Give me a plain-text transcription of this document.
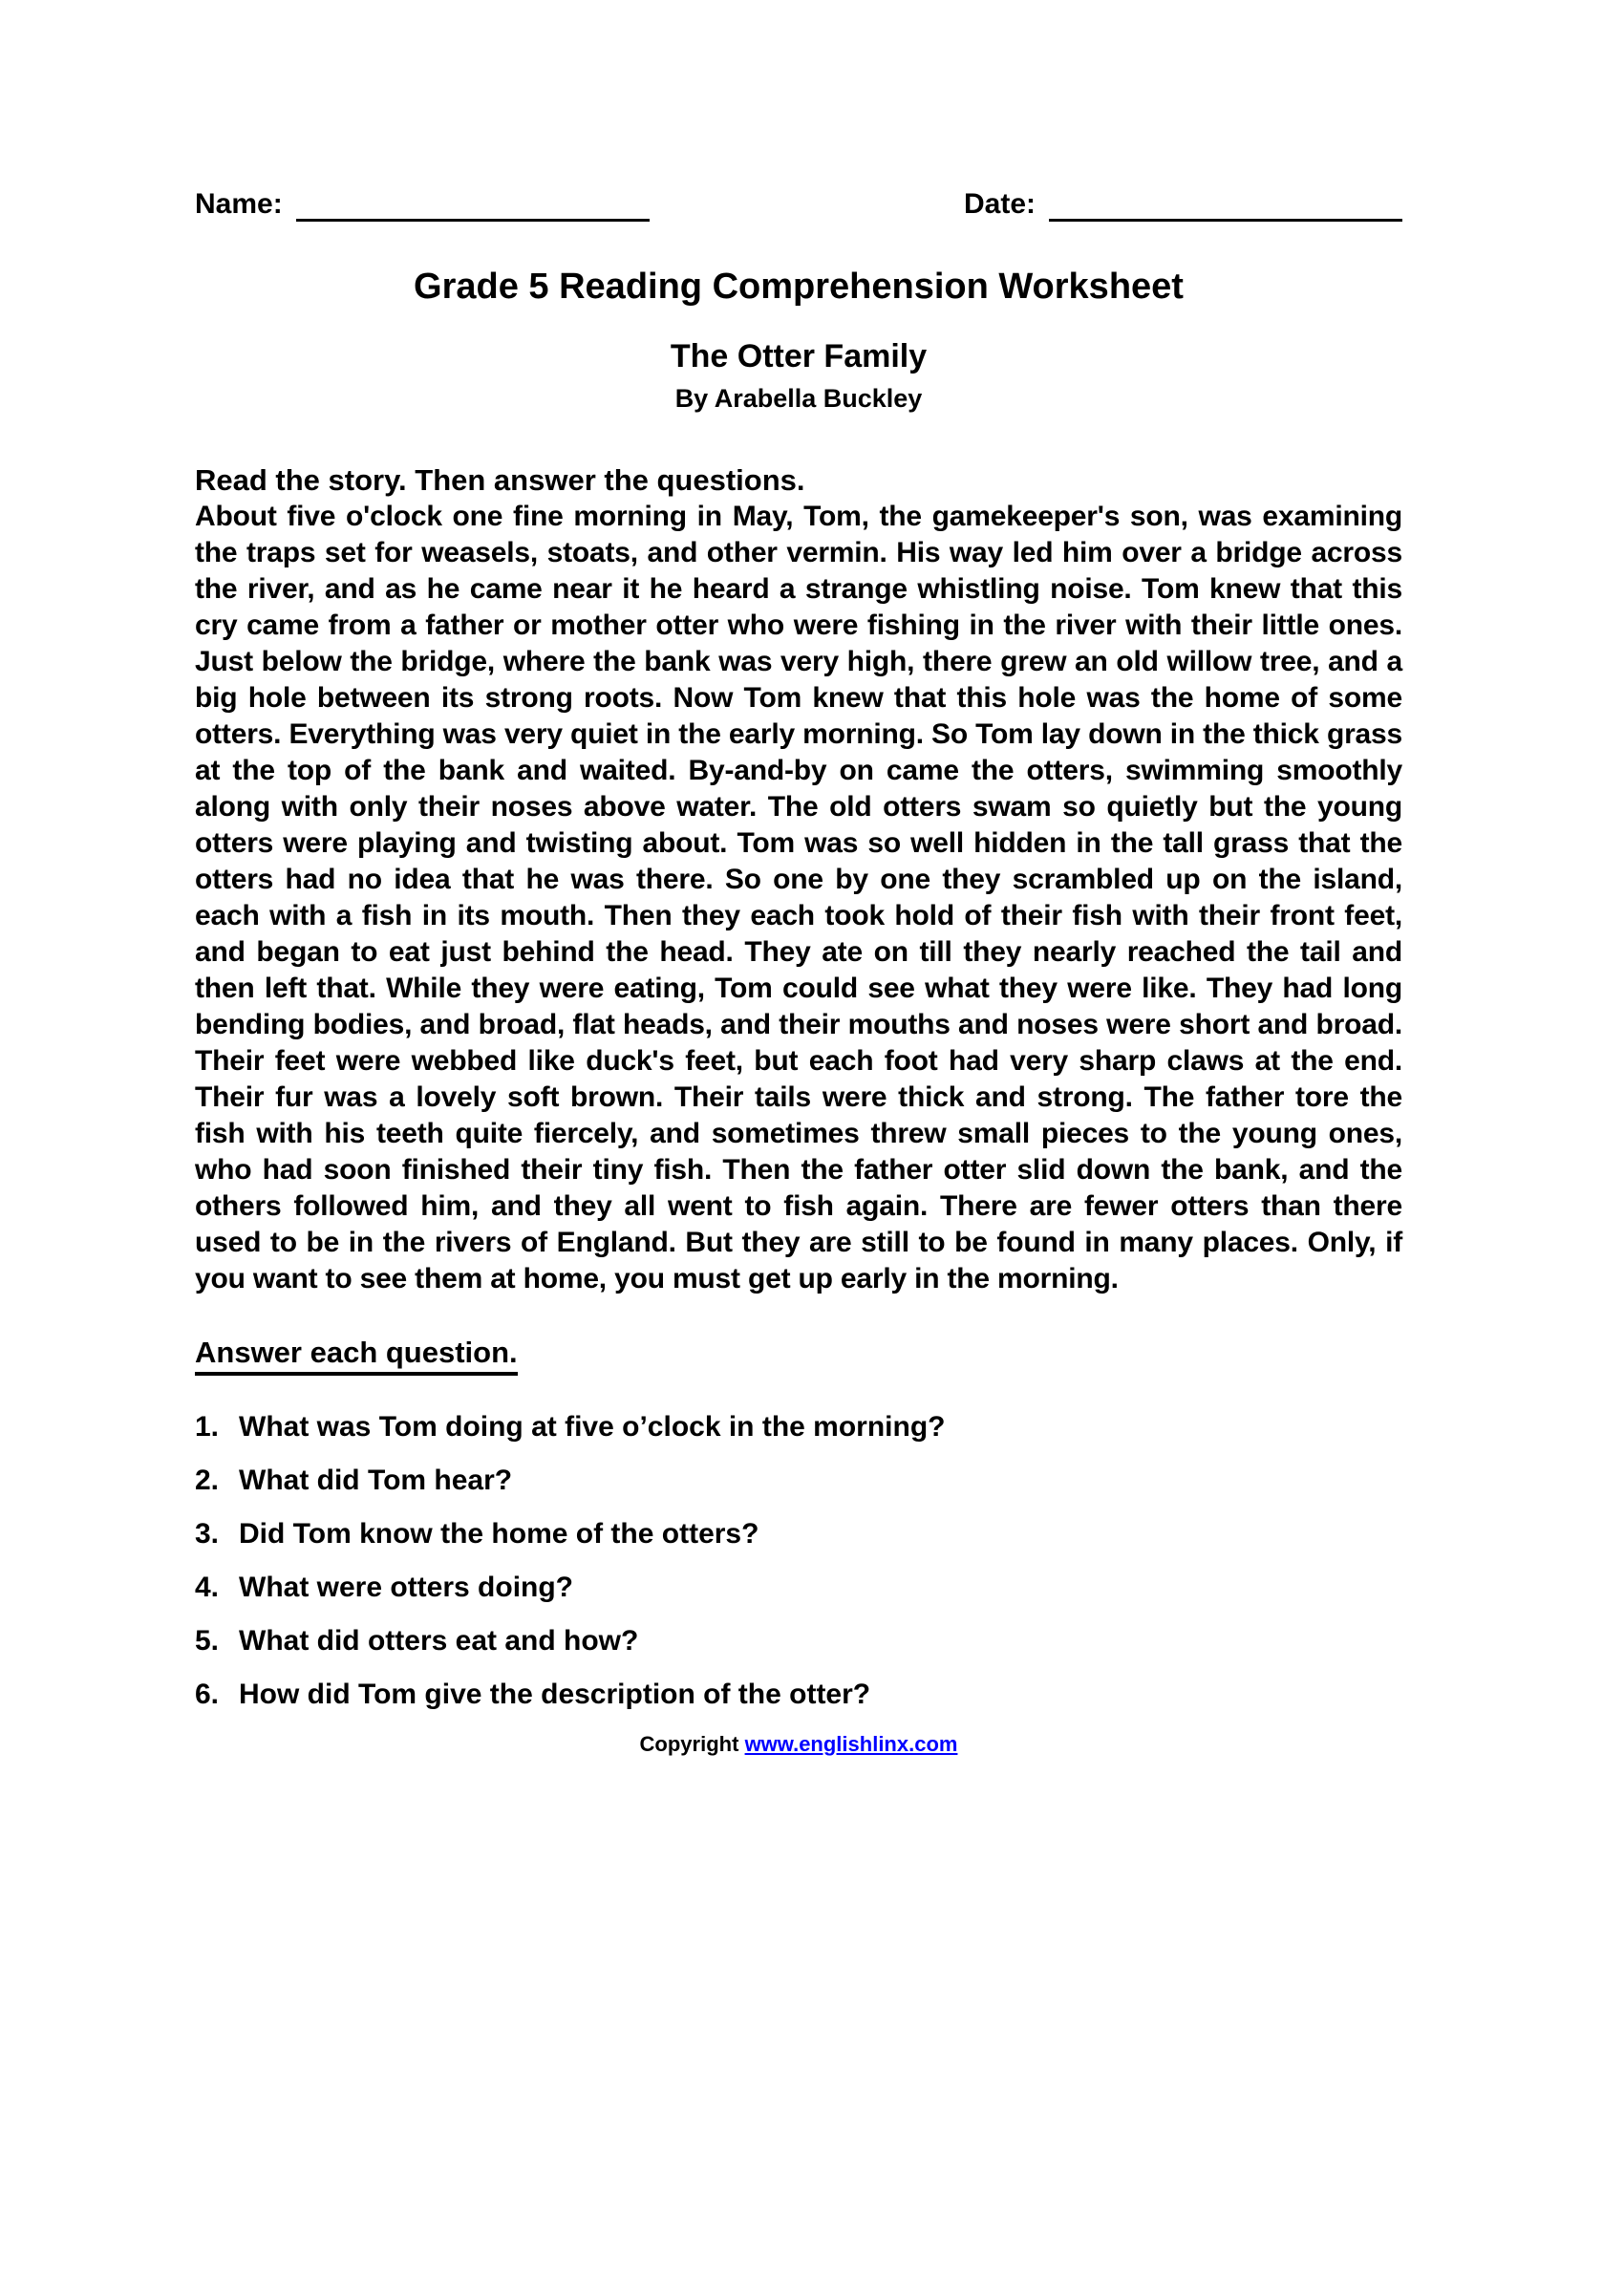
Name:	Date:
Grade 5 Reading Comprehension Worksheet
The Otter Family
By Arabella Buckley
Read the story. Then answer the questions.

About five o'clock one fine morning in May, Tom, the gamekeeper's son, was examining the traps set for weasels, stoats, and other vermin. His way led him over a bridge across the river, and as he came near it he heard a strange whistling noise. Tom knew that this cry came from a father or mother otter who were fishing in the river with their little ones. Just below the bridge, where the bank was very high, there grew an old willow tree, and a big hole between its strong roots. Now Tom knew that this hole was the home of some otters. Everything was very quiet in the early morning. So Tom lay down in the thick grass at the top of the bank and waited. By-and-by on came the otters, swimming smoothly along with only their noses above water. The old otters swam so quietly but the young otters were playing and twisting about. Tom was so well hidden in the tall grass that the otters had no idea that he was there. So one by one they scrambled up on the island, each with a fish in its mouth. Then they each took hold of their fish with their front feet, and began to eat just behind the head. They ate on till they nearly reached the tail and then left that. While they were eating, Tom could see what they were like. They had long bending bodies, and broad, flat heads, and their mouths and noses were short and broad. Their feet were webbed like duck's feet, but each foot had very sharp claws at the end. Their fur was a lovely soft brown. Their tails were thick and strong. The father tore the fish with his teeth quite fiercely, and sometimes threw small pieces to the young ones, who had soon finished their tiny fish. Then the father otter slid down the bank, and the others followed him, and they all went to fish again. There are fewer otters than there used to be in the rivers of England. But they are still to be found in many places. Only, if you want to see them at home, you must get up early in the morning.

Answer each question.
1. What was Tom doing at five o’clock in the morning?
2. What did Tom hear?
3. Did Tom know the home of the otters?
4. What were otters doing?
5. What did otters eat and how?
6. How did Tom give the description of the otter?
Copyright www.englishlinx.com
